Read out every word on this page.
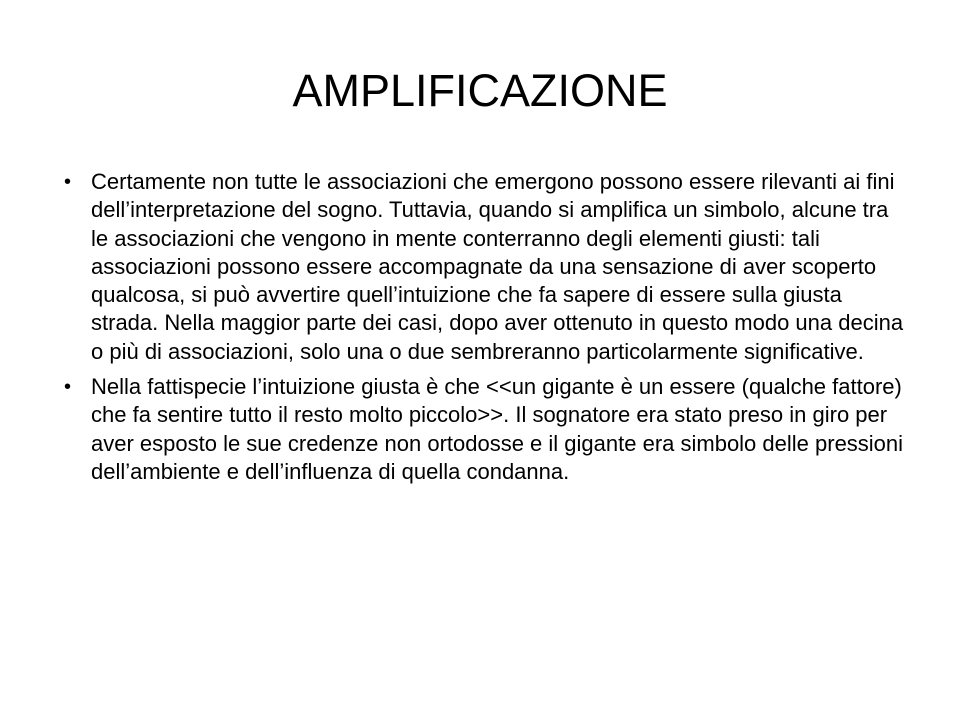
AMPLIFICAZIONE
• Certamente non tutte le associazioni che emergono possono essere rilevanti ai fini dell’interpretazione del sogno. Tuttavia, quando si amplifica un simbolo, alcune tra le associazioni che vengono in mente conterranno degli elementi giusti: tali associazioni possono essere accompagnate da una sensazione di aver scoperto qualcosa, si può avvertire quell’intuizione che fa sapere di essere sulla giusta strada. Nella maggior parte dei casi, dopo aver ottenuto in questo modo una decina o più di associazioni, solo una o due sembreranno particolarmente significative.
• Nella fattispecie l’intuizione giusta è che <<un gigante è un essere (qualche fattore) che fa sentire tutto il resto molto piccolo>>. Il sognatore era stato preso in giro per aver esposto le sue credenze non ortodosse e il gigante era simbolo delle pressioni dell’ambiente e dell’influenza di quella condanna.
